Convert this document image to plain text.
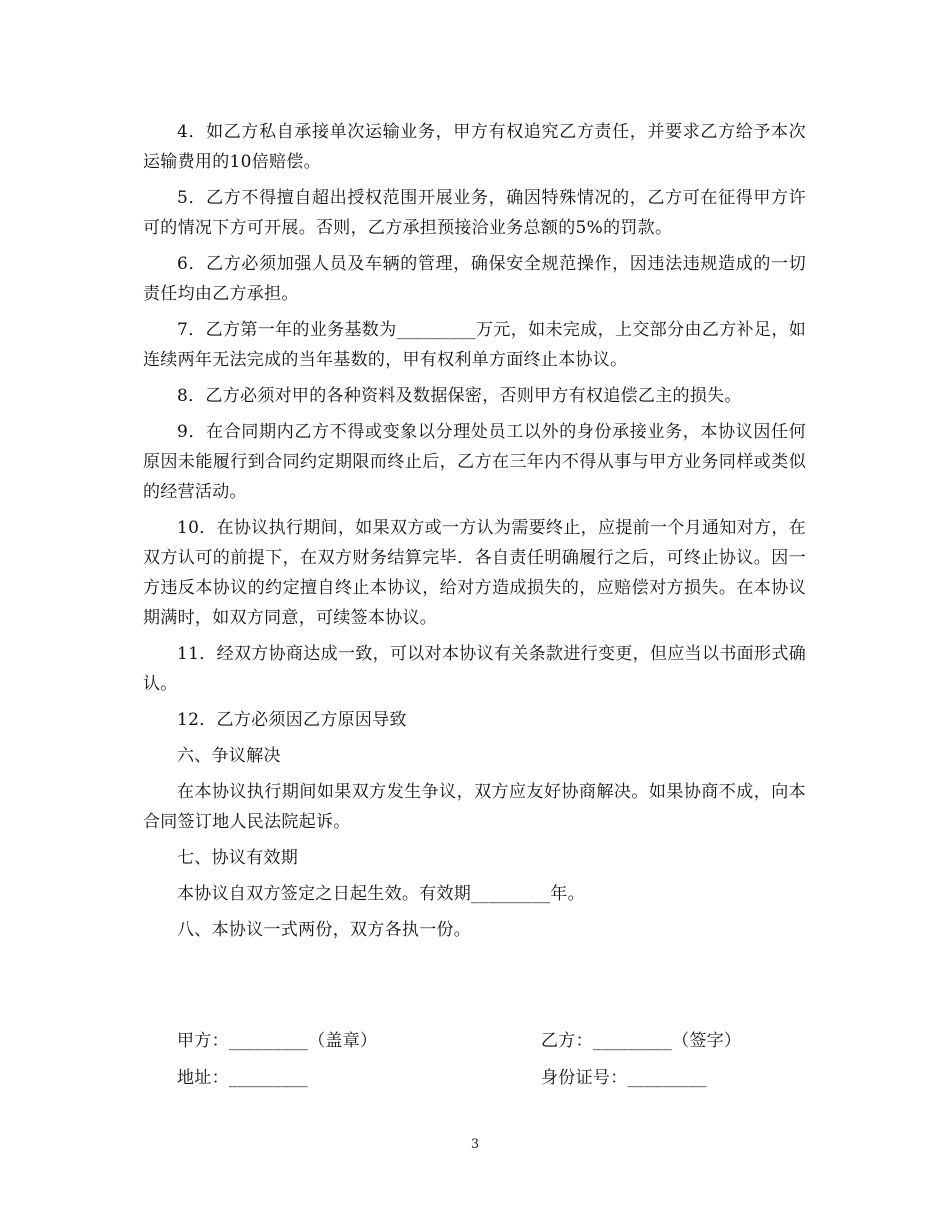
4．如乙方私自承接单次运输业务，甲方有权追究乙方责任，并要求乙方给予本次运输费用的10倍赔偿。

5．乙方不得擅自超出授权范围开展业务，确因特殊情况的，乙方可在征得甲方许可的情况下方可开展。否则，乙方承担预接洽业务总额的5%的罚款。

6．乙方必须加强人员及车辆的管理，确保安全规范操作，因违法违规造成的一切责任均由乙方承担。

7．乙方第一年的业务基数为_________万元，如未完成，上交部分由乙方补足，如连续两年无法完成的当年基数的，甲有权利单方面终止本协议。

8．乙方必须对甲的各种资料及数据保密，否则甲方有权追偿乙主的损失。

9．在合同期内乙方不得或变象以分理处员工以外的身份承接业务，本协议因任何原因未能履行到合同约定期限而终止后，乙方在三年内不得从事与甲方业务同样或类似的经营活动。

10．在协议执行期间，如果双方或一方认为需要终止，应提前一个月通知对方，在双方认可的前提下，在双方财务结算完毕．各自责任明确履行之后，可终止协议。因一方违反本协议的约定擅自终止本协议，给对方造成损失的，应赔偿对方损失。在本协议期满时，如双方同意，可续签本协议。

11．经双方协商达成一致，可以对本协议有关条款进行变更，但应当以书面形式确认。

12．乙方必须因乙方原因导致

六、争议解决

在本协议执行期间如果双方发生争议，双方应友好协商解决。如果协商不成，向本合同签订地人民法院起诉。

七、协议有效期

本协议自双方签定之日起生效。有效期_________年。

八、本协议一式两份，双方各执一份。

甲方：_________（盖章）	乙方：_________（签字）
地址：_________	身份证号：_________
3
